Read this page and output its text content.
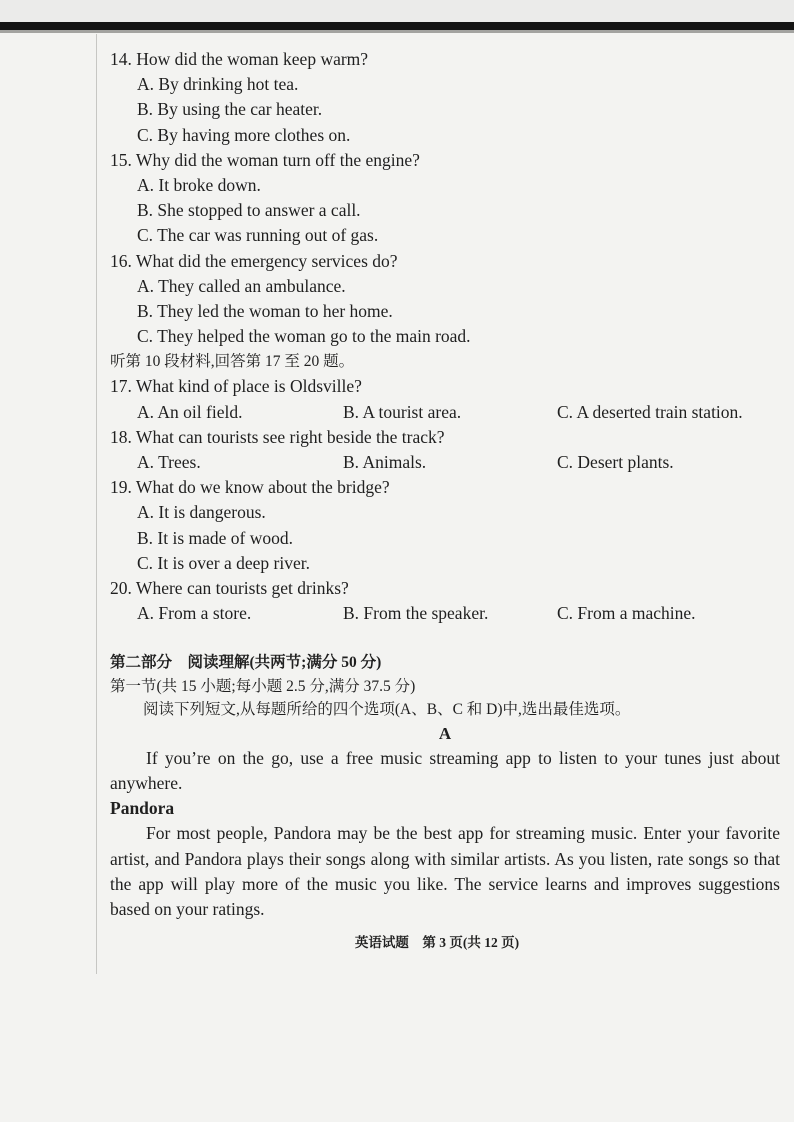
14. How did the woman keep warm?
A. By drinking hot tea.
B. By using the car heater.
C. By having more clothes on.
15. Why did the woman turn off the engine?
A. It broke down.
B. She stopped to answer a call.
C. The car was running out of gas.
16. What did the emergency services do?
A. They called an ambulance.
B. They led the woman to her home.
C. They helped the woman go to the main road.
听第 10 段材料,回答第 17 至 20 题。
17. What kind of place is Oldsville?
A. An oil field.	B. A tourist area.	C. A deserted train station.
18. What can tourists see right beside the track?
A. Trees.	B. Animals.	C. Desert plants.
19. What do we know about the bridge?
A. It is dangerous.
B. It is made of wood.
C. It is over a deep river.
20. Where can tourists get drinks?
A. From a store.	B. From the speaker.	C. From a machine.
第二部分　阅读理解(共两节;满分 50 分)
第一节(共 15 小题;每小题 2.5 分,满分 37.5 分)
阅读下列短文,从每题所给的四个选项(A、B、C 和 D)中,选出最佳选项。
A
If you’re on the go, use a free music streaming app to listen to your tunes just about
anywhere.
Pandora
For most people, Pandora may be the best app for streaming music. Enter your favorite
artist, and Pandora plays their songs along with similar artists. As you listen, rate songs so that
the app will play more of the music you like. The service learns and improves suggestions
based on your ratings.
英语试题　第 3 页(共 12 页)
